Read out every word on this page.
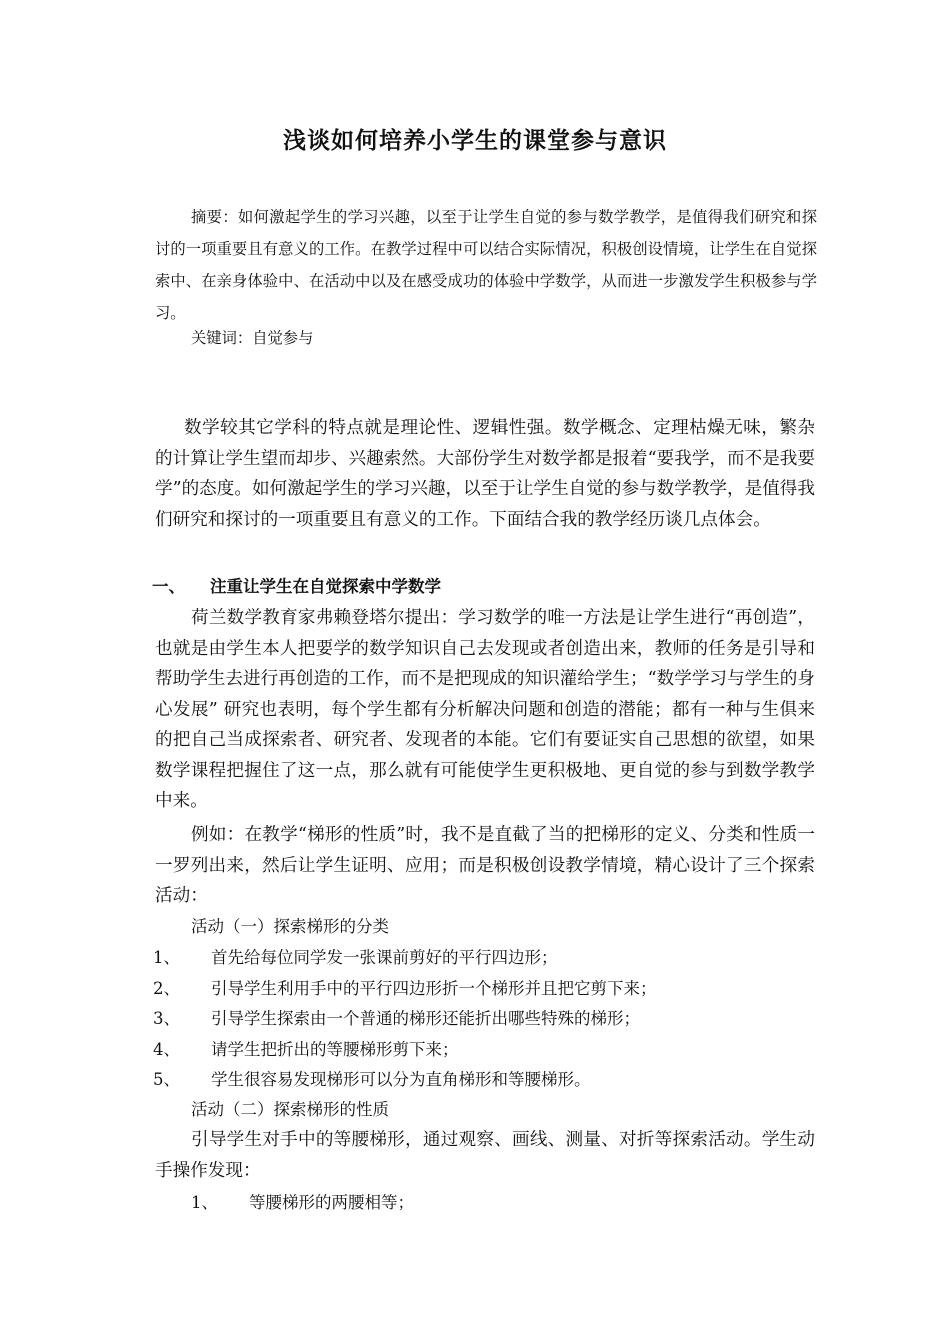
浅谈如何培养小学生的课堂参与意识

摘要：如何激起学生的学习兴趣，以至于让学生自觉的参与数学教学，是值得我们研究和探讨的一项重要且有意义的工作。在教学过程中可以结合实际情况，积极创设情境，让学生在自觉探索中、在亲身体验中、在活动中以及在感受成功的体验中学数学，从而进一步激发学生积极参与学习。

关键词：自觉参与

数学较其它学科的特点就是理论性、逻辑性强。数学概念、定理枯燥无味，繁杂的计算让学生望而却步、兴趣索然。大部份学生对数学都是报着“要我学，而不是我要学”的态度。如何激起学生的学习兴趣，以至于让学生自觉的参与数学教学，是值得我们研究和探讨的一项重要且有意义的工作。下面结合我的教学经历谈几点体会。

一、 注重让学生在自觉探索中学数学

荷兰数学教育家弗赖登塔尔提出：学习数学的唯一方法是让学生进行“再创造”，也就是由学生本人把要学的数学知识自己去发现或者创造出来，教师的任务是引导和帮助学生去进行再创造的工作，而不是把现成的知识灌给学生；“数学学习与学生的身心发展” 研究也表明，每个学生都有分析解决问题和创造的潜能；都有一种与生俱来的把自己当成探索者、研究者、发现者的本能。它们有要证实自己思想的欲望，如果数学课程把握住了这一点，那么就有可能使学生更积极地、更自觉的参与到数学教学中来。

例如：在教学“梯形的性质”时，我不是直截了当的把梯形的定义、分类和性质一一罗列出来，然后让学生证明、应用；而是积极创设教学情境，精心设计了三个探索活动：

活动（一）探索梯形的分类
1、 首先给每位同学发一张课前剪好的平行四边形；
2、 引导学生利用手中的平行四边形折一个梯形并且把它剪下来；
3、 引导学生探索由一个普通的梯形还能折出哪些特殊的梯形；
4、 请学生把折出的等腰梯形剪下来；
5、 学生很容易发现梯形可以分为直角梯形和等腰梯形。
活动（二）探索梯形的性质

引导学生对手中的等腰梯形，通过观察、画线、测量、对折等探索活动。学生动手操作发现：

1、 等腰梯形的两腰相等；
